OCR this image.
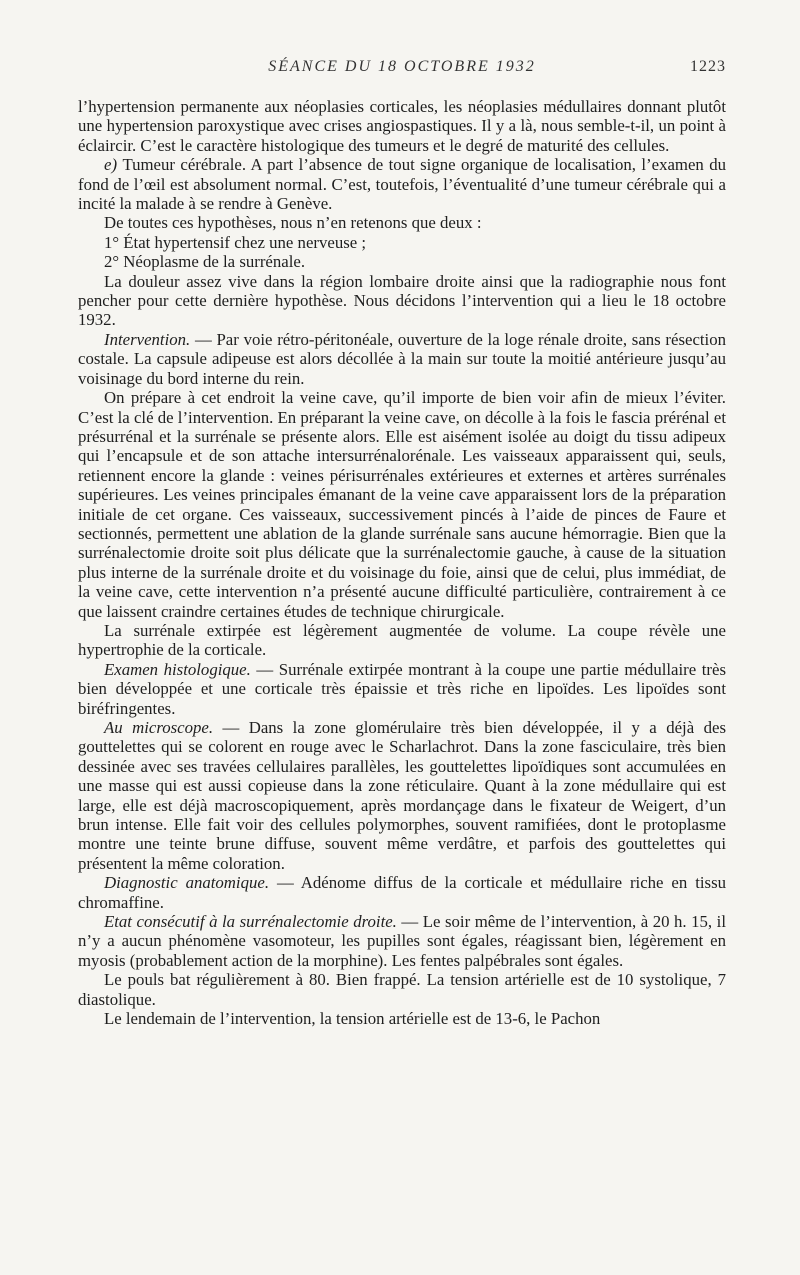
SÉANCE DU 18 OCTOBRE 1932	1223

l’hypertension permanente aux néoplasies corticales, les néoplasies médullaires donnant plutôt une hypertension paroxystique avec crises angiospastiques. Il y a là, nous semble-t-il, un point à éclaircir. C’est le caractère histologique des tumeurs et le degré de maturité des cellules.

e) Tumeur cérébrale. A part l’absence de tout signe organique de localisation, l’examen du fond de l’œil est absolument normal. C’est, toutefois, l’éventualité d’une tumeur cérébrale qui a incité la malade à se rendre à Genève.

De toutes ces hypothèses, nous n’en retenons que deux :

1° État hypertensif chez une nerveuse ;

2° Néoplasme de la surrénale.

La douleur assez vive dans la région lombaire droite ainsi que la radiographie nous font pencher pour cette dernière hypothèse. Nous décidons l’intervention qui a lieu le 18 octobre 1932.

Intervention. — Par voie rétro-péritonéale, ouverture de la loge rénale droite, sans résection costale. La capsule adipeuse est alors décollée à la main sur toute la moitié antérieure jusqu’au voisinage du bord interne du rein.

On prépare à cet endroit la veine cave, qu’il importe de bien voir afin de mieux l’éviter. C’est la clé de l’intervention. En préparant la veine cave, on décolle à la fois le fascia prérénal et présurrénal et la surrénale se présente alors. Elle est aisément isolée au doigt du tissu adipeux qui l’encapsule et de son attache intersurrénalorénale. Les vaisseaux apparaissent qui, seuls, retiennent encore la glande : veines périsurrénales extérieures et externes et artères surrénales supérieures. Les veines principales émanant de la veine cave apparaissent lors de la préparation initiale de cet organe. Ces vaisseaux, successivement pincés à l’aide de pinces de Faure et sectionnés, permettent une ablation de la glande surrénale sans aucune hémorragie. Bien que la surrénalectomie droite soit plus délicate que la surrénalectomie gauche, à cause de la situation plus interne de la surrénale droite et du voisinage du foie, ainsi que de celui, plus immédiat, de la veine cave, cette intervention n’a présenté aucune difficulté particulière, contrairement à ce que laissent craindre certaines études de technique chirurgicale.

La surrénale extirpée est légèrement augmentée de volume. La coupe révèle une hypertrophie de la corticale.

Examen histologique. — Surrénale extirpée montrant à la coupe une partie médullaire très bien développée et une corticale très épaissie et très riche en lipoïdes. Les lipoïdes sont biréfringentes.

Au microscope. — Dans la zone glomérulaire très bien développée, il y a déjà des gouttelettes qui se colorent en rouge avec le Scharlachrot. Dans la zone fasciculaire, très bien dessinée avec ses travées cellulaires parallèles, les gouttelettes lipoïdiques sont accumulées en une masse qui est aussi copieuse dans la zone réticulaire. Quant à la zone médullaire qui est large, elle est déjà macroscopiquement, après mordançage dans le fixateur de Weigert, d’un brun intense. Elle fait voir des cellules polymorphes, souvent ramifiées, dont le protoplasme montre une teinte brune diffuse, souvent même verdâtre, et parfois des gouttelettes qui présentent la même coloration.

Diagnostic anatomique. — Adénome diffus de la corticale et médullaire riche en tissu chromaffine.

Etat consécutif à la surrénalectomie droite. — Le soir même de l’intervention, à 20 h. 15, il n’y a aucun phénomène vasomoteur, les pupilles sont égales, réagissant bien, légèrement en myosis (probablement action de la morphine). Les fentes palpébrales sont égales.

Le pouls bat régulièrement à 80. Bien frappé. La tension artérielle est de 10 systolique, 7 diastolique.

Le lendemain de l’intervention, la tension artérielle est de 13-6, le Pachon
